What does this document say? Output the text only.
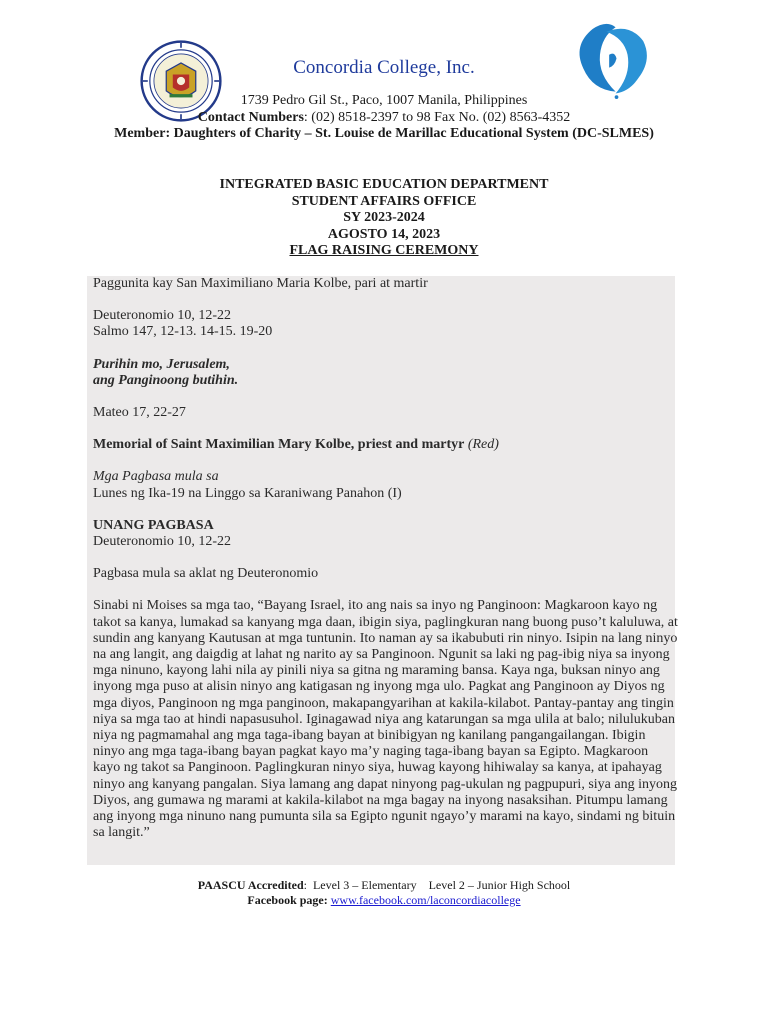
Concordia College, Inc.
1739 Pedro Gil St., Paco, 1007 Manila, Philippines
Contact Numbers: (02) 8518-2397 to 98 Fax No. (02) 8563-4352
Member: Daughters of Charity – St. Louise de Marillac Educational System (DC-SLMES)
INTEGRATED BASIC EDUCATION DEPARTMENT
STUDENT AFFAIRS OFFICE
SY 2023-2024
AGOSTO 14, 2023
FLAG RAISING CEREMONY

Paggunita kay San Maximiliano Maria Kolbe, pari at martir

Deuteronomio 10, 12-22
Salmo 147, 12-13. 14-15. 19-20

Purihin mo, Jerusalem,
ang Panginoong butihin.

Mateo 17, 22-27

Memorial of Saint Maximilian Mary Kolbe, priest and martyr (Red)

Mga Pagbasa mula sa
Lunes ng Ika-19 na Linggo sa Karaniwang Panahon (I)

UNANG PAGBASA
Deuteronomio 10, 12-22

Pagbasa mula sa aklat ng Deuteronomio

Sinabi ni Moises sa mga tao, “Bayang Israel, ito ang nais sa inyo ng Panginoon: Magkaroon kayo ng takot sa kanya, lumakad sa kanyang mga daan, ibigin siya, paglingkuran nang buong puso’t kaluluwa, at sundin ang kanyang Kautusan at mga tuntunin. Ito naman ay sa ikabubuti rin ninyo. Isipin na lang ninyo na ang langit, ang daigdig at lahat ng narito ay sa Panginoon. Ngunit sa laki ng pag-ibig niya sa inyong mga ninuno, kayong lahi nila ay pinili niya sa gitna ng maraming bansa. Kaya nga, buksan ninyo ang inyong mga puso at alisin ninyo ang katigasan ng inyong mga ulo. Pagkat ang Panginoon ay Diyos ng mga diyos, Panginoon ng mga panginoon, makapangyarihan at kakila-kilabot. Pantay-pantay ang tingin niya sa mga tao at hindi napasusuhol. Iginagawad niya ang katarungan sa mga ulila at balo; nilulukuban niya ng pagmamahal ang mga taga-ibang bayan at binibigyan ng kanilang pangangailangan. Ibigin ninyo ang mga taga-ibang bayan pagkat kayo ma’y naging taga-ibang bayan sa Egipto. Magkaroon kayo ng takot sa Panginoon. Paglingkuran ninyo siya, huwag kayong hihiwalay sa kanya, at ipahayag ninyo ang kanyang pangalan. Siya lamang ang dapat ninyong pag-ukulan ng pagpupuri, siya ang inyong Diyos, ang gumawa ng marami at kakila-kilabot na mga bagay na inyong nasaksihan. Pitumpu lamang ang inyong mga ninuno nang pumunta sila sa Egipto ngunit ngayo’y marami na kayo, sindami ng bituin sa langit.”

PAASCU Accredited:  Level 3 – Elementary    Level 2 – Junior High School
Facebook page: www.facebook.com/laconcordiacollege
